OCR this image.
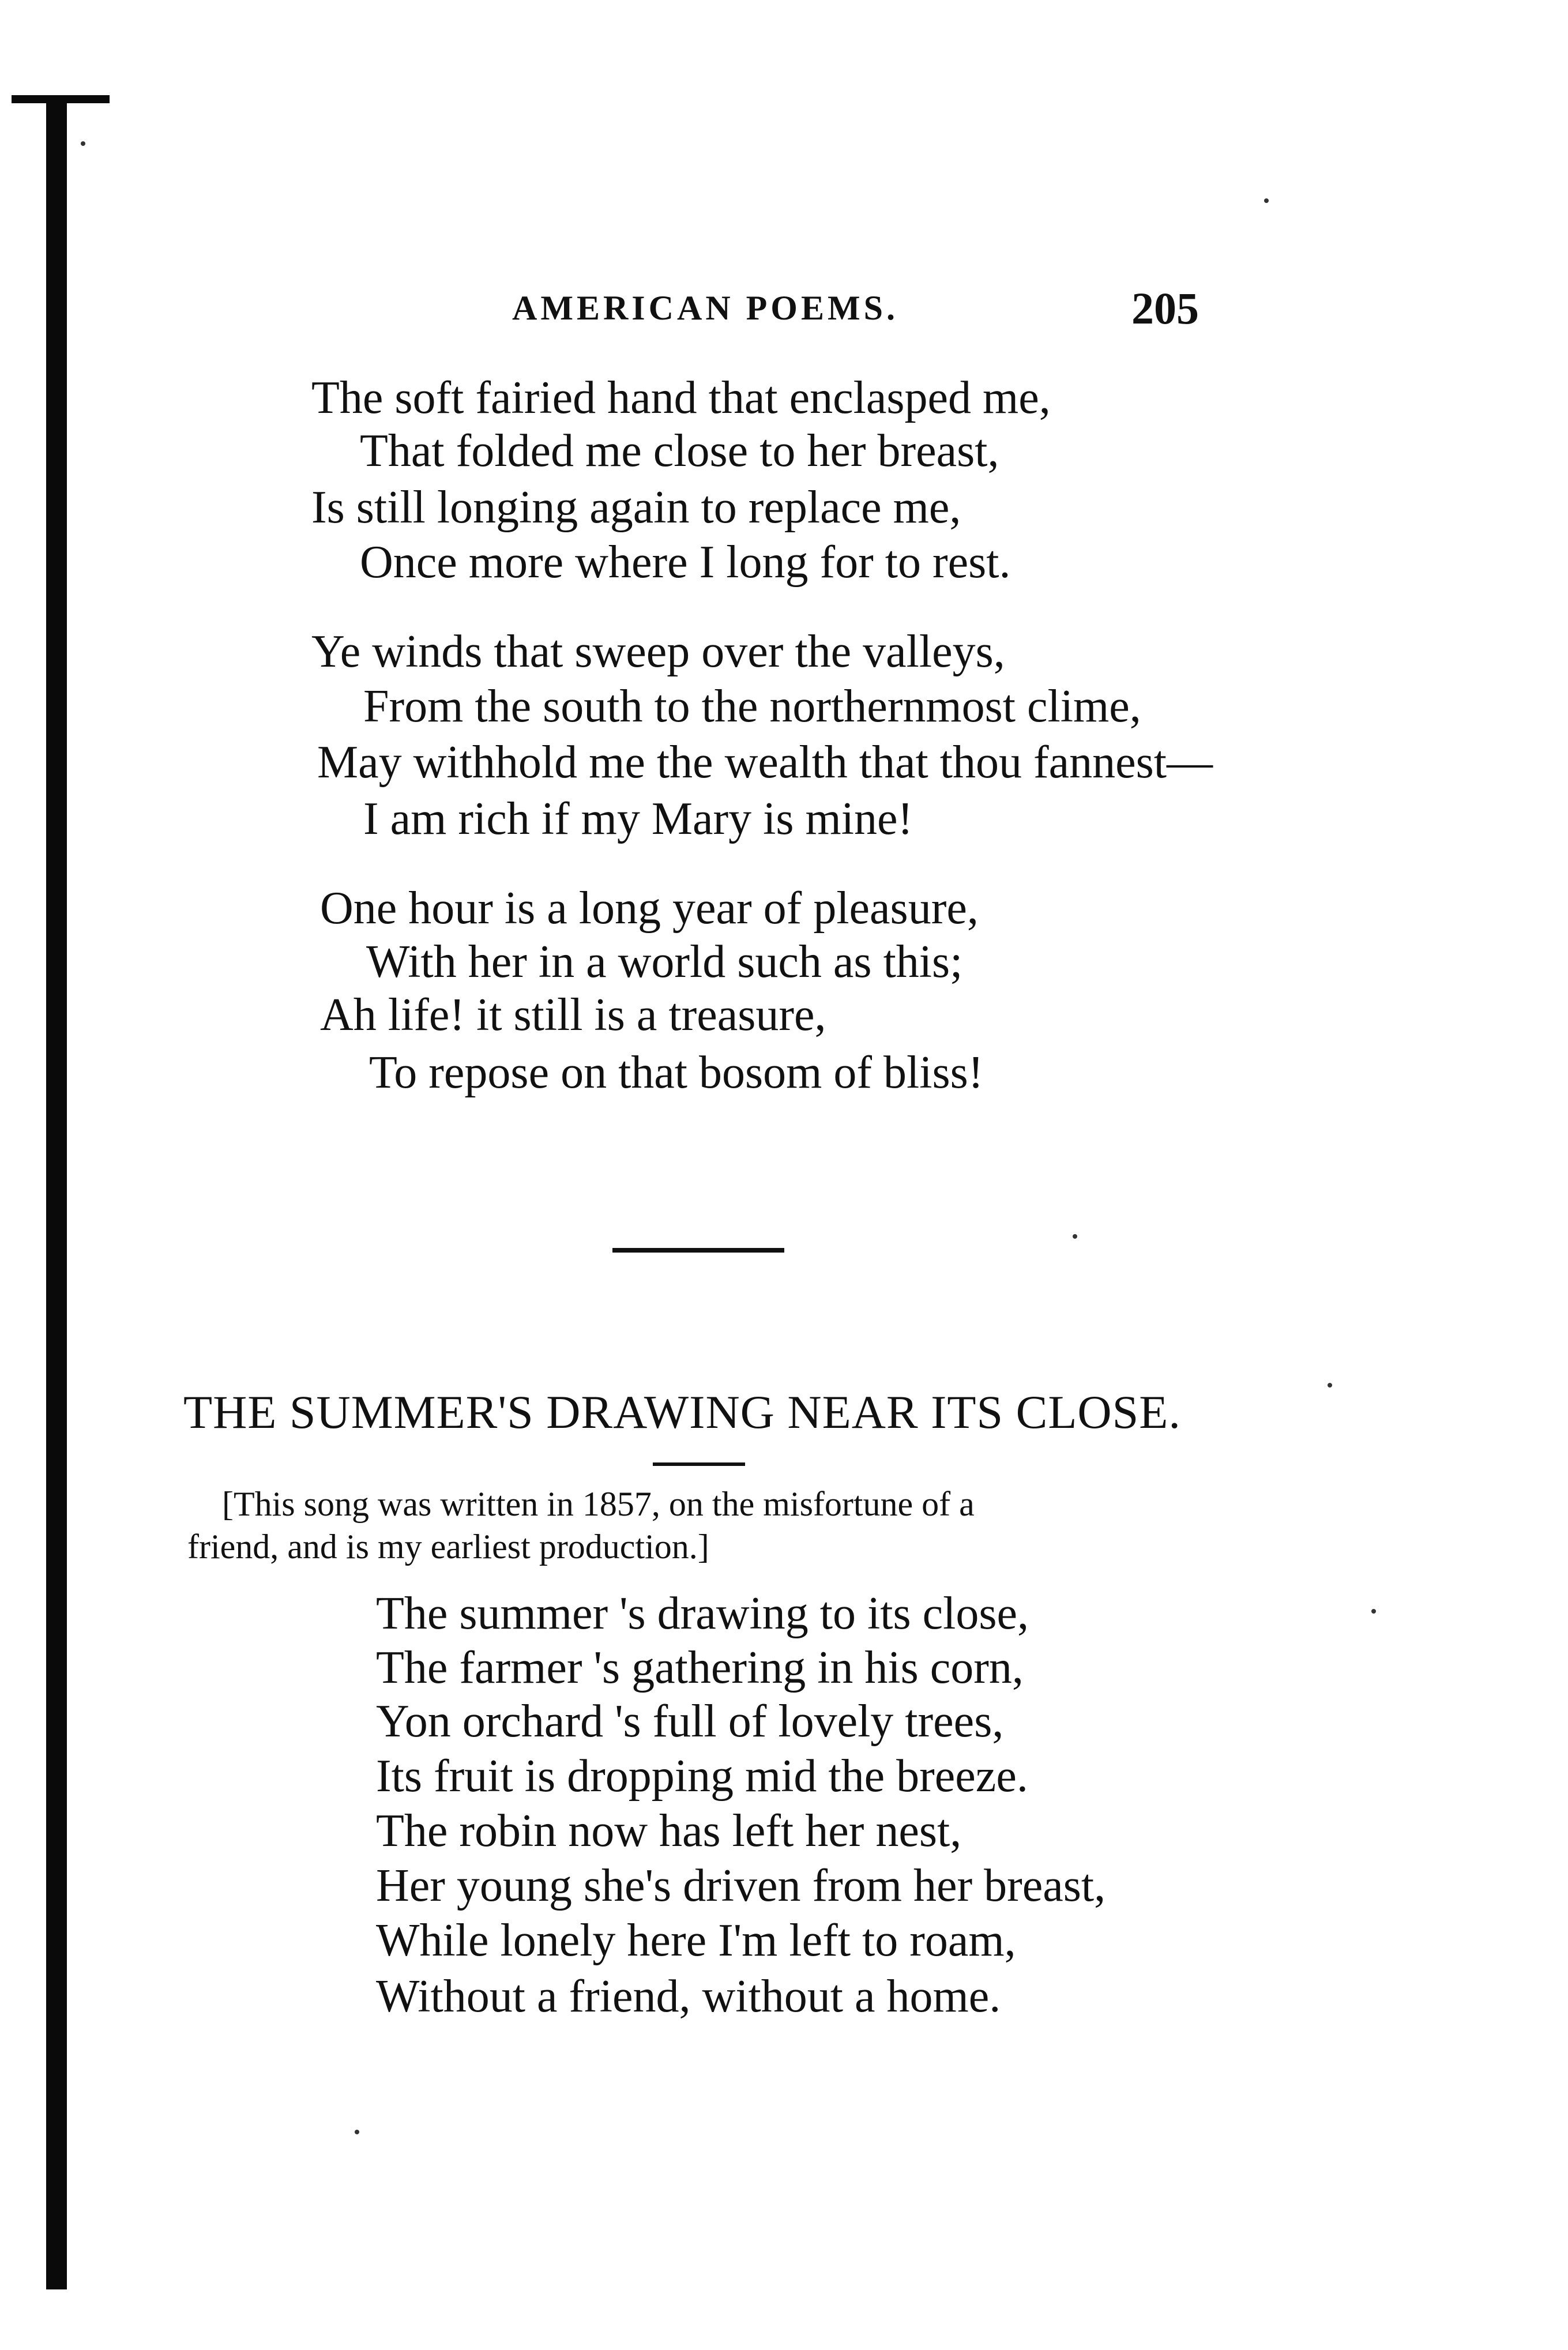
AMERICAN POEMS.	205
The soft fairied hand that enclasped me,
That folded me close to her breast,
Is still longing again to replace me,
Once more where I long for to rest.
Ye winds that sweep over the valleys,
From the south to the northernmost clime,
May withhold me the wealth that thou fannest—
I am rich if my Mary is mine!
One hour is a long year of pleasure,
With her in a world such as this;
Ah life! it still is a treasure,
To repose on that bosom of bliss!
THE SUMMER'S DRAWING NEAR ITS CLOSE.
[This song was written in 1857, on the misfortune of a
friend, and is my earliest production.]
The summer 's drawing to its close,
The farmer 's gathering in his corn,
Yon orchard 's full of lovely trees,
Its fruit is dropping mid the breeze.
The robin now has left her nest,
Her young she's driven from her breast,
While lonely here I'm left to roam,
Without a friend, without a home.
